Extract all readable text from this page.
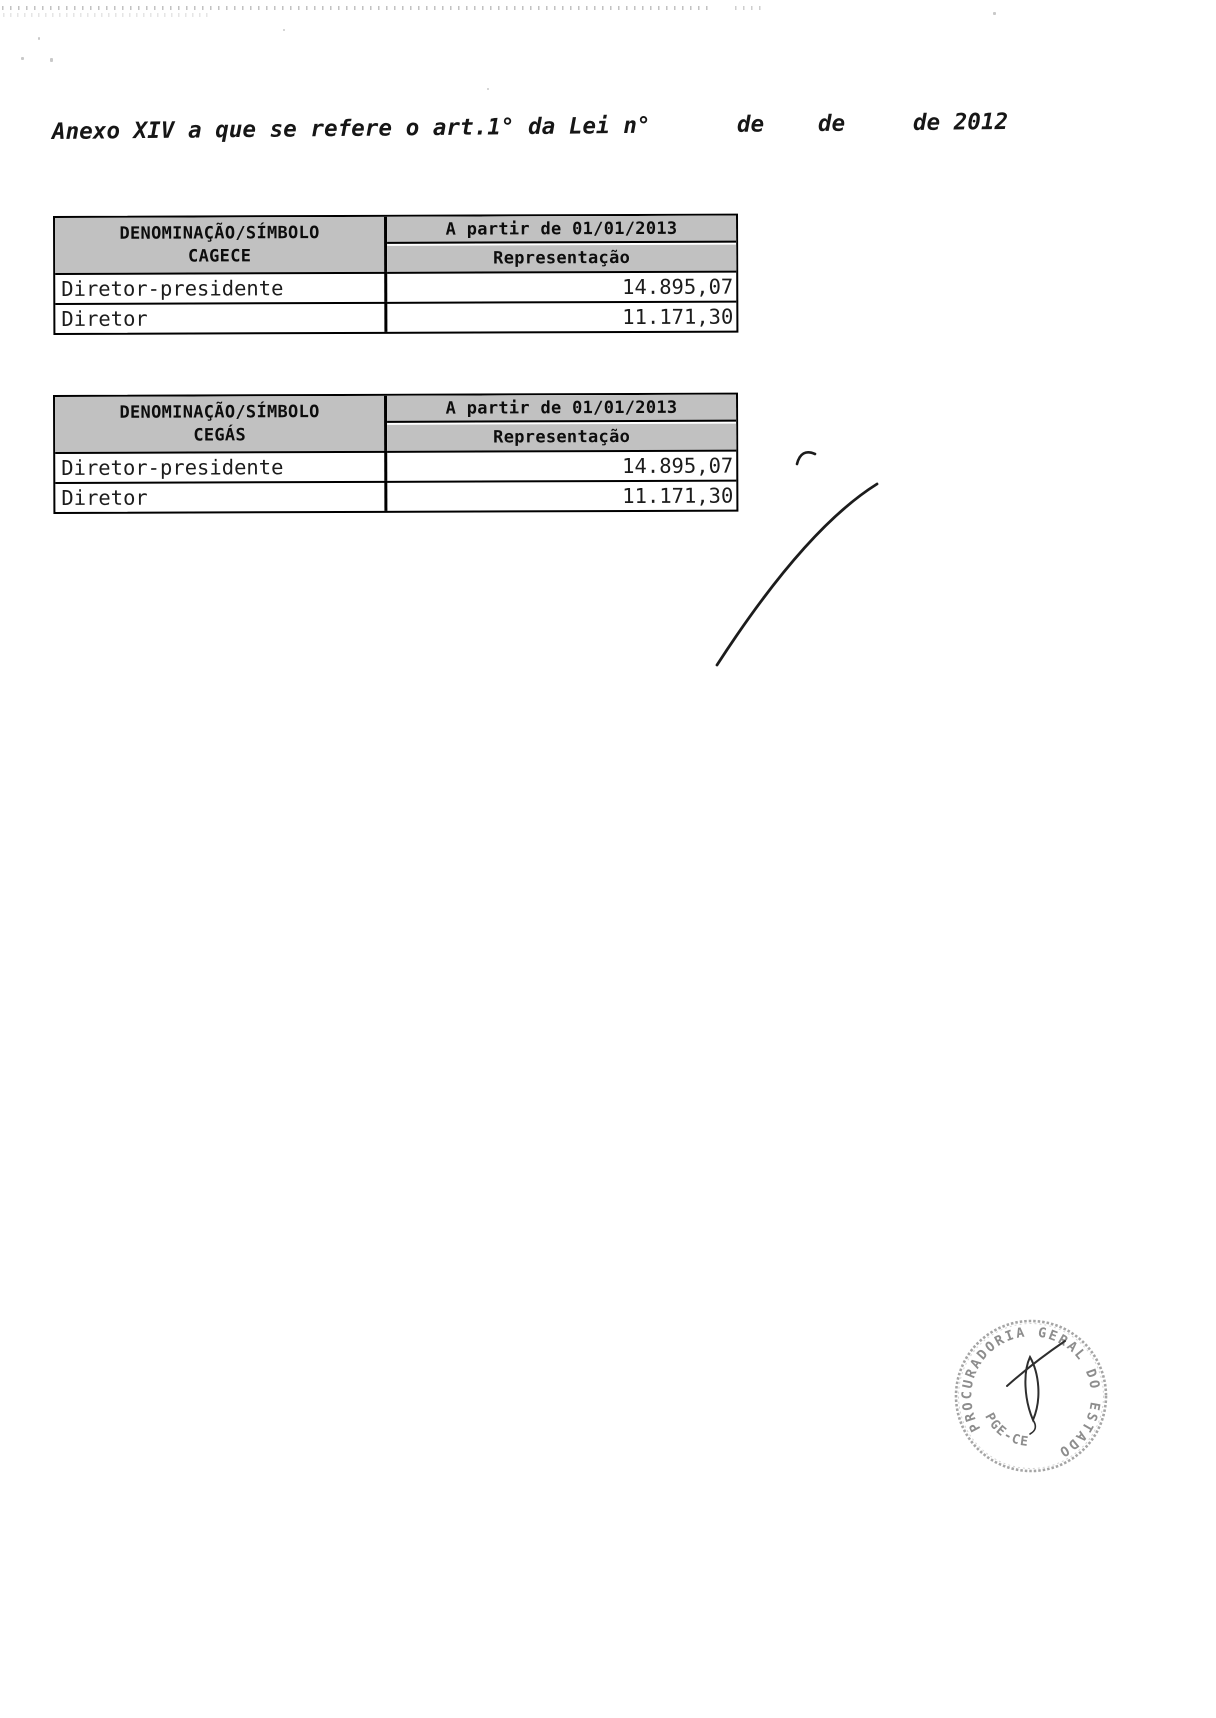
Anexo XIV a que se refere o art.1° da Lei n°	de de	de 2012
DENOMINAÇÃO/SÍMBOLO
CAGECE
A partir de 01/01/2013
Representação
Diretor-presidente	14.895,07
Diretor	11.171,30
DENOMINAÇÃO/SÍMBOLO
CEGÁS
A partir de 01/01/2013
Representação
Diretor-presidente	14.895,07
Diretor	11.171,30
PROCURADORIA GERAL DO ESTADO
PGE-CE
